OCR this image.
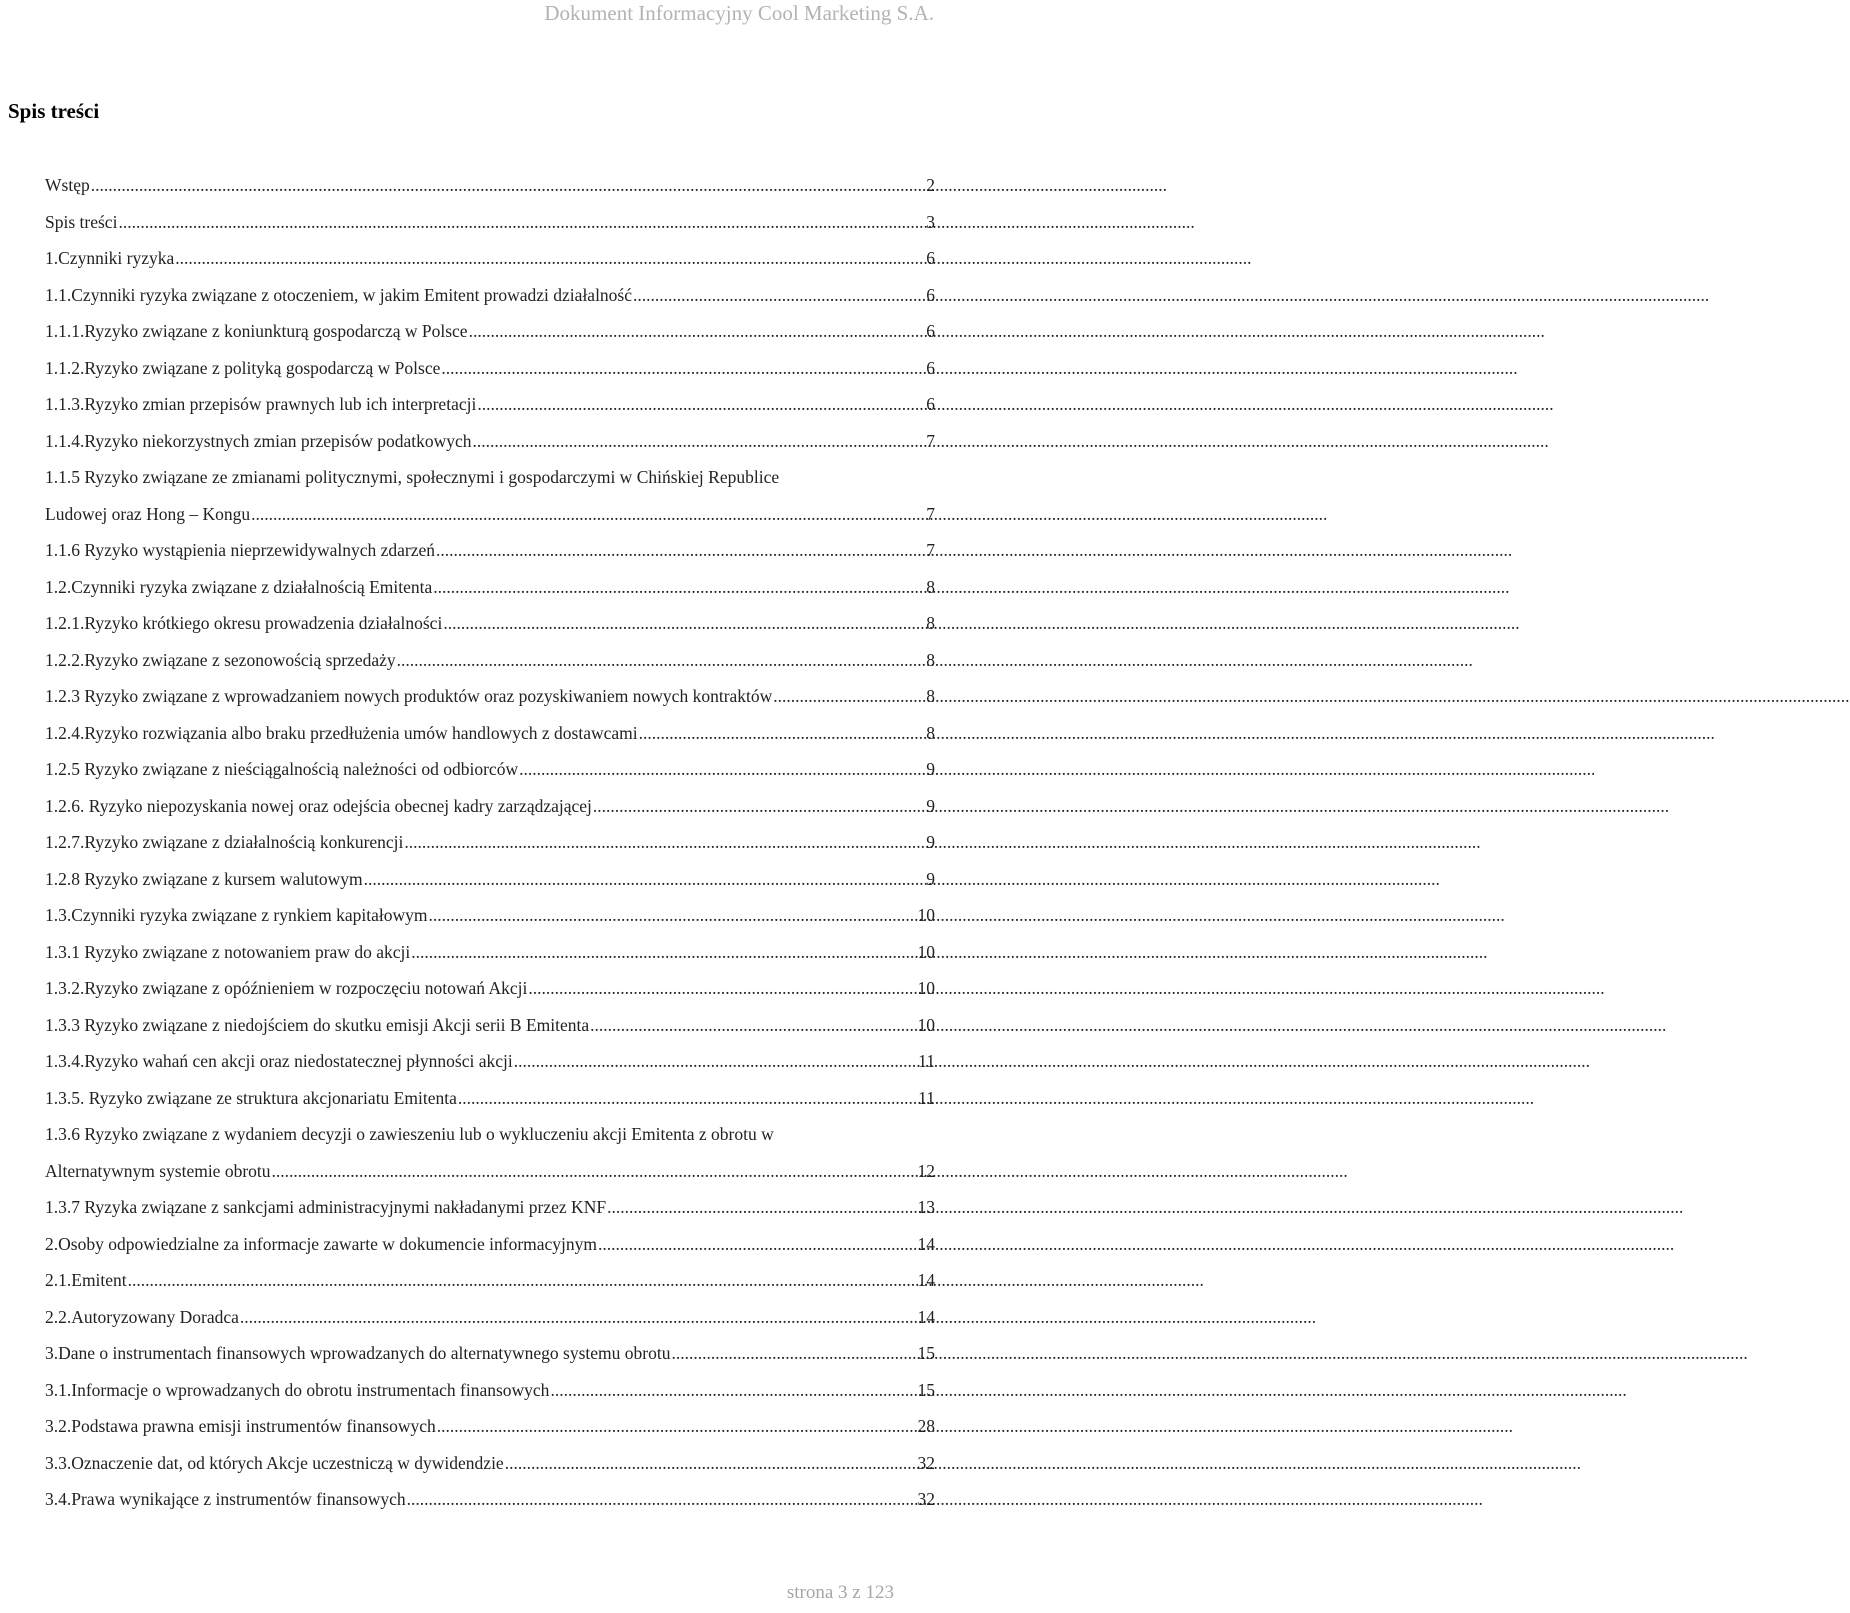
Dokument Informacyjny Cool Marketing S.A.
Spis treści
Wstęp .....	2
Spis treści .....	3
1.Czynniki ryzyka .....	6
1.1.Czynniki ryzyka związane z otoczeniem, w jakim Emitent prowadzi działalność .....	6
1.1.1.Ryzyko związane z koniunkturą gospodarczą w Polsce .....	6
1.1.2.Ryzyko związane z polityką gospodarczą w Polsce .....	6
1.1.3.Ryzyko zmian przepisów prawnych lub ich interpretacji .....	6
1.1.4.Ryzyko niekorzystnych zmian przepisów podatkowych .....	7
1.1.5 Ryzyko związane ze zmianami politycznymi, społecznymi i gospodarczymi w Chińskiej Republice
Ludowej oraz Hong – Kongu .....	7
1.1.6 Ryzyko wystąpienia nieprzewidywalnych zdarzeń .....	7
1.2.Czynniki ryzyka związane z działalnością Emitenta .....	8
1.2.1.Ryzyko krótkiego okresu prowadzenia działalności .....	8
1.2.2.Ryzyko związane z sezonowością sprzedaży .....	8
1.2.3 Ryzyko związane z wprowadzaniem nowych produktów oraz pozyskiwaniem nowych kontraktów .....	8
1.2.4.Ryzyko rozwiązania albo braku przedłużenia umów handlowych z dostawcami .....	8
1.2.5 Ryzyko związane z nieściągalnością należności od odbiorców .....	9
1.2.6. Ryzyko niepozyskania nowej oraz odejścia obecnej kadry zarządzającej .....	9
1.2.7.Ryzyko związane z działalnością konkurencji .....	9
1.2.8 Ryzyko związane z kursem walutowym .....	9
1.3.Czynniki ryzyka związane z rynkiem kapitałowym .....	10
1.3.1 Ryzyko związane z notowaniem praw do akcji .....	10
1.3.2.Ryzyko związane z opóźnieniem w rozpoczęciu notowań Akcji .....	10
1.3.3 Ryzyko związane z niedojściem do skutku emisji Akcji serii B Emitenta .....	10
1.3.4.Ryzyko wahań cen akcji oraz niedostatecznej płynności akcji .....	11
1.3.5. Ryzyko związane ze struktura akcjonariatu Emitenta .....	11
1.3.6 Ryzyko związane z wydaniem decyzji o zawieszeniu lub o wykluczeniu akcji Emitenta z obrotu w
Alternatywnym systemie obrotu .....	12
1.3.7 Ryzyka związane z sankcjami administracyjnymi nakładanymi przez KNF .....	13
2.Osoby odpowiedzialne za informacje zawarte w dokumencie informacyjnym .....	14
2.1.Emitent .....	14
2.2.Autoryzowany Doradca .....	14
3.Dane o instrumentach finansowych wprowadzanych do alternatywnego systemu obrotu .....	15
3.1.Informacje o wprowadzanych do obrotu instrumentach finansowych .....	15
3.2.Podstawa prawna emisji instrumentów finansowych .....	28
3.3.Oznaczenie dat, od których Akcje uczestniczą w dywidendzie .....	32
3.4.Prawa wynikające z instrumentów finansowych .....	32
strona 3 z 123
